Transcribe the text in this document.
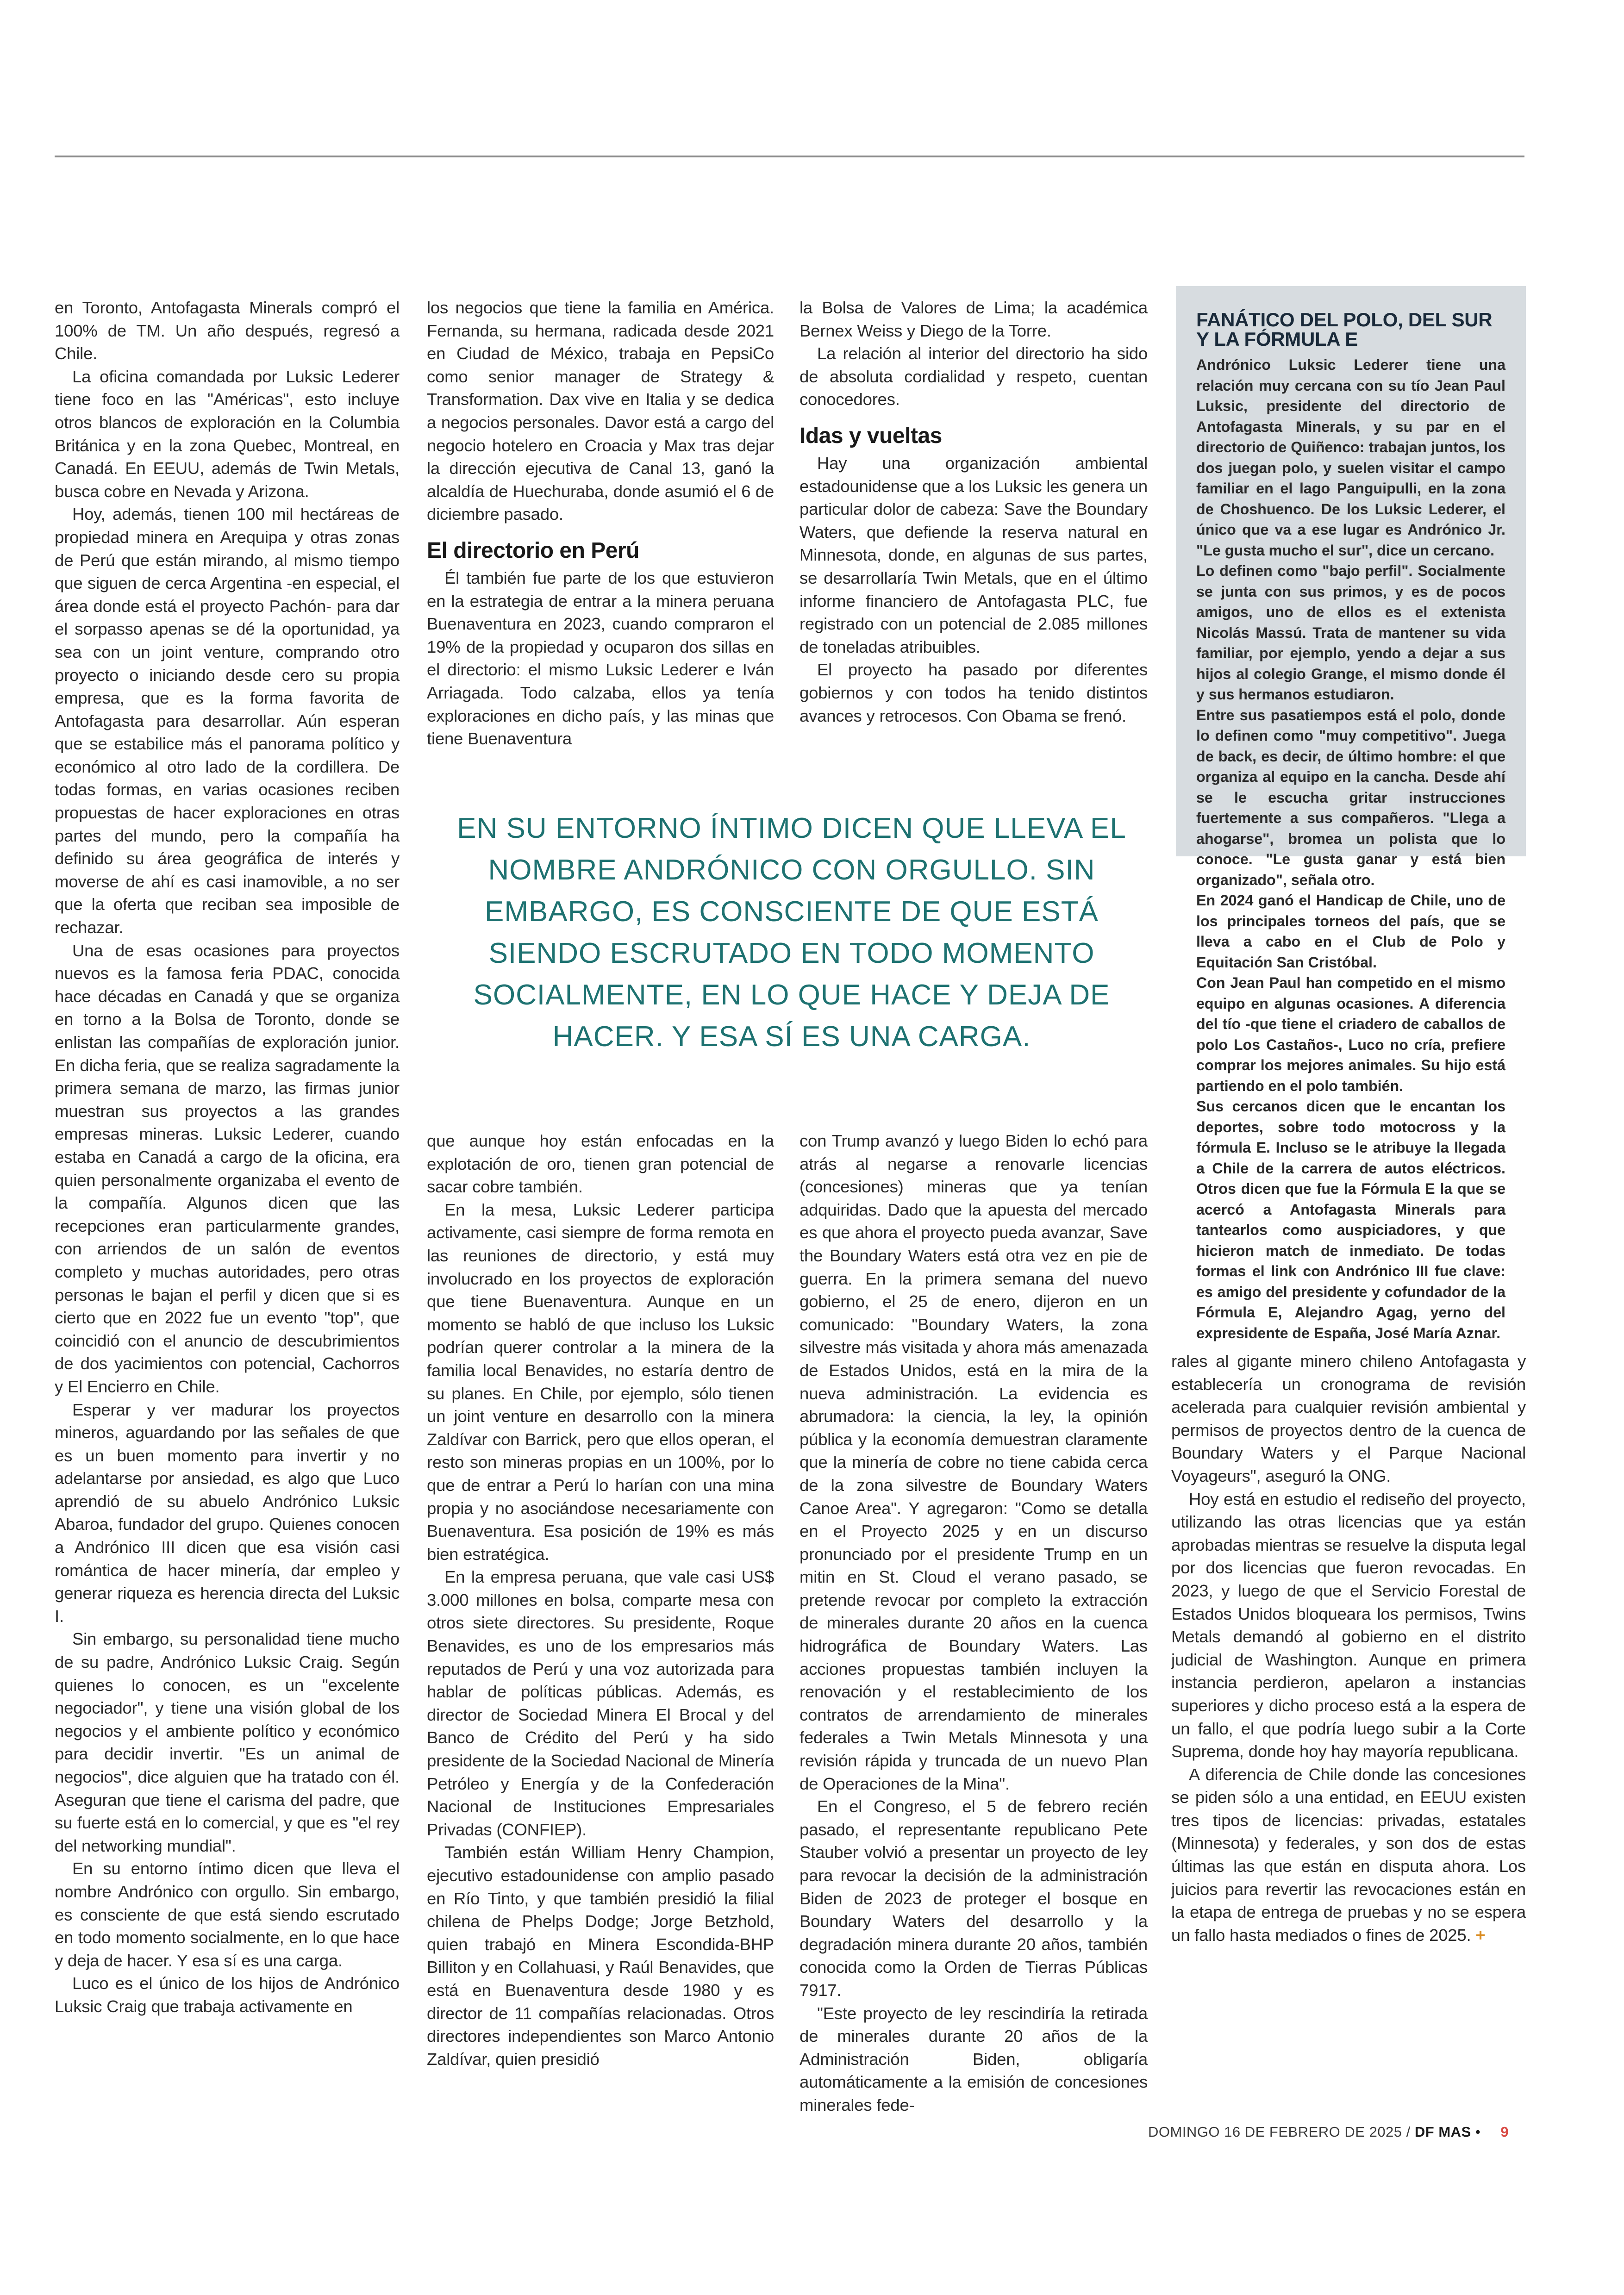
en Toronto, Antofagasta Minerals compró el 100% de TM. Un año después, regresó a Chile.

La oficina comandada por Luksic Lederer tiene foco en las "Américas", esto incluye otros blancos de exploración en la Columbia Británica y en la zona Quebec, Montreal, en Canadá. En EEUU, además de Twin Metals, busca cobre en Nevada y Arizona.

Hoy, además, tienen 100 mil hectáreas de propiedad minera en Arequipa y otras zonas de Perú que están mirando, al mismo tiempo que siguen de cerca Argentina -en especial, el área donde está el proyecto Pachón- para dar el sorpasso apenas se dé la oportunidad, ya sea con un joint venture, comprando otro proyecto o iniciando desde cero su propia empresa, que es la forma favorita de Antofagasta para desarrollar. Aún esperan que se estabilice más el panorama político y económico al otro lado de la cordillera. De todas formas, en varias ocasiones reciben propuestas de hacer exploraciones en otras partes del mundo, pero la compañía ha definido su área geográfica de interés y moverse de ahí es casi inamovible, a no ser que la oferta que reciban sea imposible de rechazar.

Una de esas ocasiones para proyectos nuevos es la famosa feria PDAC, conocida hace décadas en Canadá y que se organiza en torno a la Bolsa de Toronto, donde se enlistan las compañías de exploración junior. En dicha feria, que se realiza sagradamente la primera semana de marzo, las firmas junior muestran sus proyectos a las grandes empresas mineras. Luksic Lederer, cuando estaba en Canadá a cargo de la oficina, era quien personalmente organizaba el evento de la compañía. Algunos dicen que las recepciones eran particularmente grandes, con arriendos de un salón de eventos completo y muchas autoridades, pero otras personas le bajan el perfil y dicen que si es cierto que en 2022 fue un evento "top", que coincidió con el anuncio de descubrimientos de dos yacimientos con potencial, Cachorros y El Encierro en Chile.

Esperar y ver madurar los proyectos mineros, aguardando por las señales de que es un buen momento para invertir y no adelantarse por ansiedad, es algo que Luco aprendió de su abuelo Andrónico Luksic Abaroa, fundador del grupo. Quienes conocen a Andrónico III dicen que esa visión casi romántica de hacer minería, dar empleo y generar riqueza es herencia directa del Luksic I.

Sin embargo, su personalidad tiene mucho de su padre, Andrónico Luksic Craig. Según quienes lo conocen, es un "excelente negociador", y tiene una visión global de los negocios y el ambiente político y económico para decidir invertir. "Es un animal de negocios", dice alguien que ha tratado con él. Aseguran que tiene el carisma del padre, que su fuerte está en lo comercial, y que es "el rey del networking mundial".

En su entorno íntimo dicen que lleva el nombre Andrónico con orgullo. Sin embargo, es consciente de que está siendo escrutado en todo momento socialmente, en lo que hace y deja de hacer. Y esa sí es una carga.

Luco es el único de los hijos de Andrónico Luksic Craig que trabaja activamente en

los negocios que tiene la familia en América. Fernanda, su hermana, radicada desde 2021 en Ciudad de México, trabaja en PepsiCo como senior manager de Strategy & Transformation. Dax vive en Italia y se dedica a negocios personales. Davor está a cargo del negocio hotelero en Croacia y Max tras dejar la dirección ejecutiva de Canal 13, ganó la alcaldía de Huechuraba, donde asumió el 6 de diciembre pasado.

El directorio en Perú

Él también fue parte de los que estuvieron en la estrategia de entrar a la minera peruana Buenaventura en 2023, cuando compraron el 19% de la propiedad y ocuparon dos sillas en el directorio: el mismo Luksic Lederer e Iván Arriagada. Todo calzaba, ellos ya tenía exploraciones en dicho país, y las minas que tiene Buenaventura

la Bolsa de Valores de Lima; la académica Bernex Weiss y Diego de la Torre.

La relación al interior del directorio ha sido de absoluta cordialidad y respeto, cuentan conocedores.

Idas y vueltas

Hay una organización ambiental estadounidense que a los Luksic les genera un particular dolor de cabeza: Save the Boundary Waters, que defiende la reserva natural en Minnesota, donde, en algunas de sus partes, se desarrollaría Twin Metals, que en el último informe financiero de Antofagasta PLC, fue registrado con un potencial de 2.085 millones de toneladas atribuibles.

El proyecto ha pasado por diferentes gobiernos y con todos ha tenido distintos avances y retrocesos. Con Obama se frenó.

FANÁTICO DEL POLO, DEL SUR Y LA FÓRMULA E

Andrónico Luksic Lederer tiene una relación muy cercana con su tío Jean Paul Luksic, presidente del directorio de Antofagasta Minerals, y su par en el directorio de Quiñenco: trabajan juntos, los dos juegan polo, y suelen visitar el campo familiar en el lago Panguipulli, en la zona de Choshuenco. De los Luksic Lederer, el único que va a ese lugar es Andrónico Jr. "Le gusta mucho el sur", dice un cercano.

Lo definen como "bajo perfil". Socialmente se junta con sus primos, y es de pocos amigos, uno de ellos es el extenista Nicolás Massú. Trata de mantener su vida familiar, por ejemplo, yendo a dejar a sus hijos al colegio Grange, el mismo donde él y sus hermanos estudiaron.

Entre sus pasatiempos está el polo, donde lo definen como "muy competitivo". Juega de back, es decir, de último hombre: el que organiza al equipo en la cancha. Desde ahí se le escucha gritar instrucciones fuertemente a sus compañeros. "Llega a ahogarse", bromea un polista que lo conoce. "Le gusta ganar y está bien organizado", señala otro.

En 2024 ganó el Handicap de Chile, uno de los principales torneos del país, que se lleva a cabo en el Club de Polo y Equitación San Cristóbal.

Con Jean Paul han competido en el mismo equipo en algunas ocasiones. A diferencia del tío -que tiene el criadero de caballos de polo Los Castaños-, Luco no cría, prefiere comprar los mejores animales. Su hijo está partiendo en el polo también.

Sus cercanos dicen que le encantan los deportes, sobre todo motocross y la fórmula E. Incluso se le atribuye la llegada a Chile de la carrera de autos eléctricos. Otros dicen que fue la Fórmula E la que se acercó a Antofagasta Minerals para tantearlos como auspiciadores, y que hicieron match de inmediato. De todas formas el link con Andrónico III fue clave: es amigo del presidente y cofundador de la Fórmula E, Alejandro Agag, yerno del expresidente de España, José María Aznar.

EN SU ENTORNO ÍNTIMO DICEN QUE LLEVA EL NOMBRE ANDRÓNICO CON ORGULLO. SIN EMBARGO, ES CONSCIENTE DE QUE ESTÁ SIENDO ESCRUTADO EN TODO MOMENTO SOCIALMENTE, EN LO QUE HACE Y DEJA DE HACER. Y ESA SÍ ES UNA CARGA.

que aunque hoy están enfocadas en la explotación de oro, tienen gran potencial de sacar cobre también.

En la mesa, Luksic Lederer participa activamente, casi siempre de forma remota en las reuniones de directorio, y está muy involucrado en los proyectos de exploración que tiene Buenaventura. Aunque en un momento se habló de que incluso los Luksic podrían querer controlar a la minera de la familia local Benavides, no estaría dentro de su planes. En Chile, por ejemplo, sólo tienen un joint venture en desarrollo con la minera Zaldívar con Barrick, pero que ellos operan, el resto son mineras propias en un 100%, por lo que de entrar a Perú lo harían con una mina propia y no asociándose necesariamente con Buenaventura. Esa posición de 19% es más bien estratégica.

En la empresa peruana, que vale casi US$ 3.000 millones en bolsa, comparte mesa con otros siete directores. Su presidente, Roque Benavides, es uno de los empresarios más reputados de Perú y una voz autorizada para hablar de políticas públicas. Además, es director de Sociedad Minera El Brocal y del Banco de Crédito del Perú y ha sido presidente de la Sociedad Nacional de Minería Petróleo y Energía y de la Confederación Nacional de Instituciones Empresariales Privadas (CONFIEP).

También están William Henry Champion, ejecutivo estadounidense con amplio pasado en Río Tinto, y que también presidió la filial chilena de Phelps Dodge; Jorge Betzhold, quien trabajó en Minera Escondida-BHP Billiton y en Collahuasi, y Raúl Benavides, que está en Buenaventura desde 1980 y es director de 11 compañías relacionadas. Otros directores independientes son Marco Antonio Zaldívar, quien presidió

con Trump avanzó y luego Biden lo echó para atrás al negarse a renovarle licencias (concesiones) mineras que ya tenían adquiridas. Dado que la apuesta del mercado es que ahora el proyecto pueda avanzar, Save the Boundary Waters está otra vez en pie de guerra. En la primera semana del nuevo gobierno, el 25 de enero, dijeron en un comunicado: "Boundary Waters, la zona silvestre más visitada y ahora más amenazada de Estados Unidos, está en la mira de la nueva administración. La evidencia es abrumadora: la ciencia, la ley, la opinión pública y la economía demuestran claramente que la minería de cobre no tiene cabida cerca de la zona silvestre de Boundary Waters Canoe Area". Y agregaron: "Como se detalla en el Proyecto 2025 y en un discurso pronunciado por el presidente Trump en un mitin en St. Cloud el verano pasado, se pretende revocar por completo la extracción de minerales durante 20 años en la cuenca hidrográfica de Boundary Waters. Las acciones propuestas también incluyen la renovación y el restablecimiento de los contratos de arrendamiento de minerales federales a Twin Metals Minnesota y una revisión rápida y truncada de un nuevo Plan de Operaciones de la Mina".

En el Congreso, el 5 de febrero recién pasado, el representante republicano Pete Stauber volvió a presentar un proyecto de ley para revocar la decisión de la administración Biden de 2023 de proteger el bosque en Boundary Waters del desarrollo y la degradación minera durante 20 años, también conocida como la Orden de Tierras Públicas 7917.

"Este proyecto de ley rescindiría la retirada de minerales durante 20 años de la Administración Biden, obligaría automáticamente a la emisión de concesiones minerales fede-

rales al gigante minero chileno Antofagasta y establecería un cronograma de revisión acelerada para cualquier revisión ambiental y permisos de proyectos dentro de la cuenca de Boundary Waters y el Parque Nacional Voyageurs", aseguró la ONG.

Hoy está en estudio el rediseño del proyecto, utilizando las otras licencias que ya están aprobadas mientras se resuelve la disputa legal por dos licencias que fueron revocadas. En 2023, y luego de que el Servicio Forestal de Estados Unidos bloqueara los permisos, Twins Metals demandó al gobierno en el distrito judicial de Washington. Aunque en primera instancia perdieron, apelaron a instancias superiores y dicho proceso está a la espera de un fallo, el que podría luego subir a la Corte Suprema, donde hoy hay mayoría republicana.

A diferencia de Chile donde las concesiones se piden sólo a una entidad, en EEUU existen tres tipos de licencias: privadas, estatales (Minnesota) y federales, y son dos de estas últimas las que están en disputa ahora. Los juicios para revertir las revocaciones están en la etapa de entrega de pruebas y no se espera un fallo hasta mediados o fines de 2025. +

DOMINGO 16 DE FEBRERO DE 2025 / DF MAS • 9
